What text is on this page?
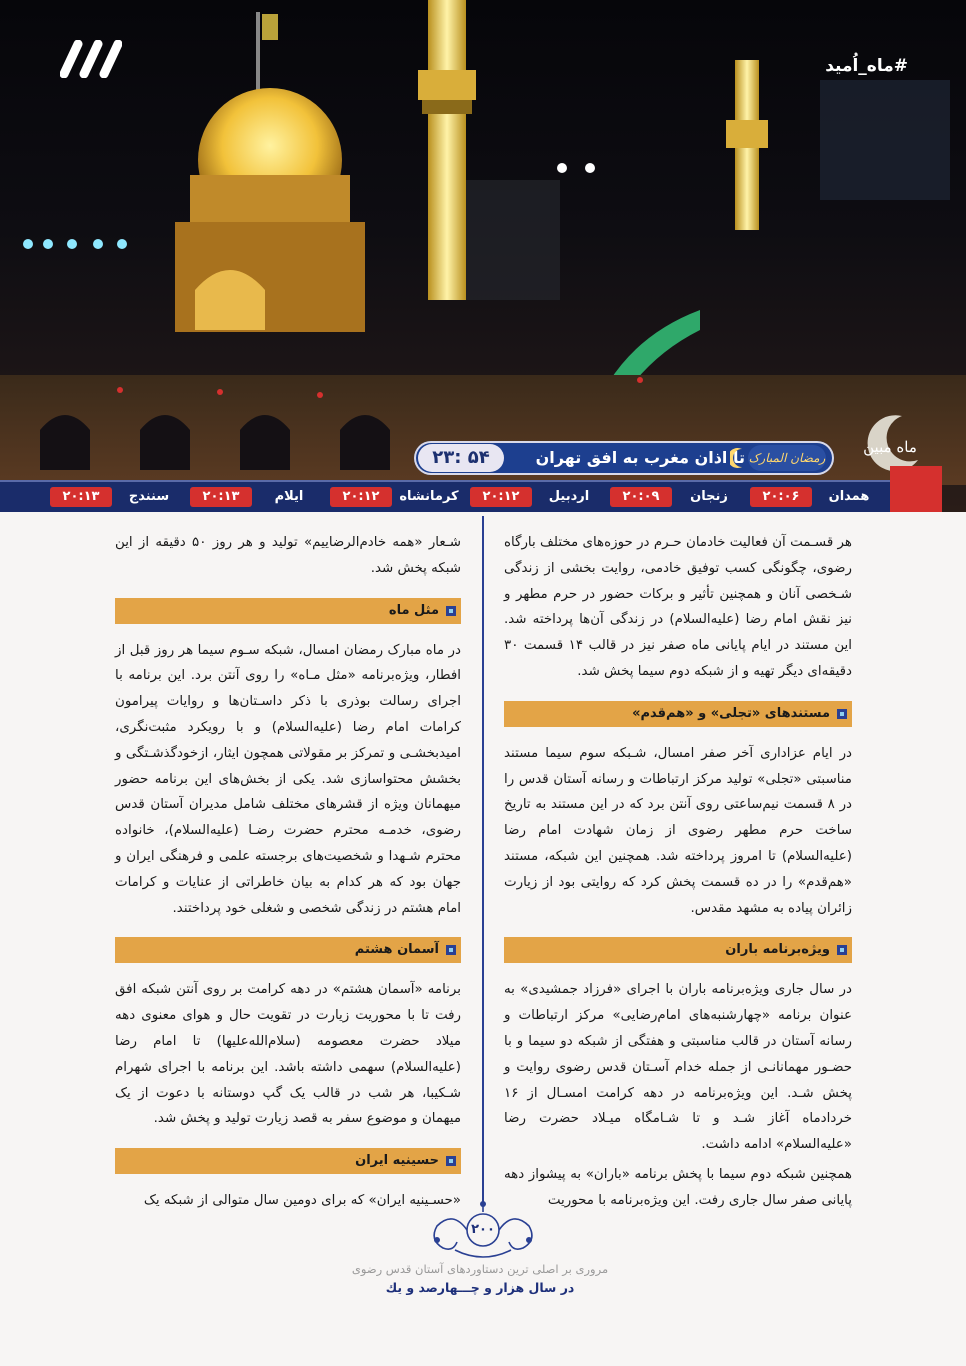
#ماه_اُمید
ماه مبین
۲۳: ۵۴	تا اذان مغرب به افق تهران رمضان المبارک
همدان
۲۰:۰۶
زنجان
۲۰:۰۹
اردبیل
۲۰:۱۲
کرمانشاه
۲۰:۱۲
ایلام
۲۰:۱۳
سنندج
۲۰:۱۳

هر قسـمت آن فعالیت خادمان حـرم در حوزه‌های مختلف بارگاه رضوی، چگونگی کسب توفیق خادمی، روایت بخشی از زندگی شـخصی آنان و همچنین تأثیر و برکات حضور در حرم مطهر و نیز نقش امام رضا (علیه‌السلام) در زندگی آن‌ها پرداخته شد. این مستند در ایام پایانی ماه صفر نیز در قالب ۱۴ قسمت ۳۰ دقیقه‌ای دیگر تهیه و از شبکه دوم سیما پخش شد.

مستندهای «تجلی» و «هم‌قدم»

در ایام عزاداری آخر صفر امسال، شـبکه سوم سیما مستند مناسبتی «تجلی» تولید مرکز ارتباطات و رسانه آستان قدس را در ۸ قسمت نیم‌ساعتی روی آنتن برد که در این مستند به تاریخ ساخت حرم مطهر رضوی از زمان شهادت امام رضا (علیه‌السلام) تا امروز پرداخته شد. همچنین این شبکه، مستند «هم‌قدم» را در ده قسمت پخش کرد که روایتی بود از زیارت زائران پیاده به مشهد مقدس.

ویژه‌برنامه باران

در سال جاری ویژه‌برنامه باران با اجرای «فرزاد جمشیدی» به عنوان برنامه «چهارشنبه‌های امام‌رضایی» مرکز ارتباطات و رسانه آستان در قالب مناسبتی و هفتگی از شبکه دو سیما و با حضـور مهمانانـی از جمله خدام آسـتان قدس رضوی روایت و پخش شـد. این ویژه‌برنامه در دهه کرامت امسـال از ۱۶ خردادماه آغاز شـد و تا شـامگاه میـلاد حضرت رضا «علیه‌السلام» ادامه داشت.

همچنین شبکه دوم سیما با پخش برنامه «باران» به پیشواز دهه پایانی صفر سال جاری رفت. این ویژه‌برنامه با محوریت

شـعار «همه خادم‌الرضاییم» تولید و هر روز ۵۰ دقیقه از این شبکه پخش شد.

مثل ماه

در ماه مبارک رمضان امسال، شبکه سـوم سیما هر روز قبل از افطار، ویژه‌برنامه «مثل مـاه» را روی آنتن برد. این برنامه با اجرای رسالت بوذری با ذکر داسـتان‌ها و روایات پیرامون کرامات امام رضا (علیه‌السلام) و با رویکرد مثبت‌نگری، امیدبخشـی و تمرکز بر مقولاتی همچون ایثار، ازخودگذشـتگی و بخشش محتواسازی شد. یکی از بخش‌های این برنامه حضور میهمانان ویژه از قشرهای مختلف شامل مدیران آستان قدس رضوی، خدمـه محترم حضرت رضـا (علیه‌السلام)، خانواده محترم شـهدا و شخصیت‌های برجسته علمی و فرهنگی ایران و جهان بود که هر کدام به بیان خاطراتی از عنایات و کرامات امام هشتم در زندگی شخصی و شغلی خود پرداختند.

آسمان هشتم

برنامه «آسمان هشتم» در دهه کرامت بر روی آنتن شبکه افق رفت تا با محوریت زیارت در تقویت حال و هوای معنوی دهه میلاد حضرت معصومه (سلام‌الله‌علیها) تا امام رضا (علیه‌السلام) سهمی داشته باشد. این برنامه با اجرای شهرام شـکیبا، هر شب در قالب یک گپ دوستانه با دعوت از یک میهمان و موضوع سفر به قصد زیارت تولید و پخش شد.

حسینیه ایران

«حسـینیه ایران» که برای دومین سال متوالی از شبکه یک

۲۰۰
مروری بر اصلی ترین دستاوردهای آستان قدس رضوی
در سال هزار و چـــهارصد و یك
